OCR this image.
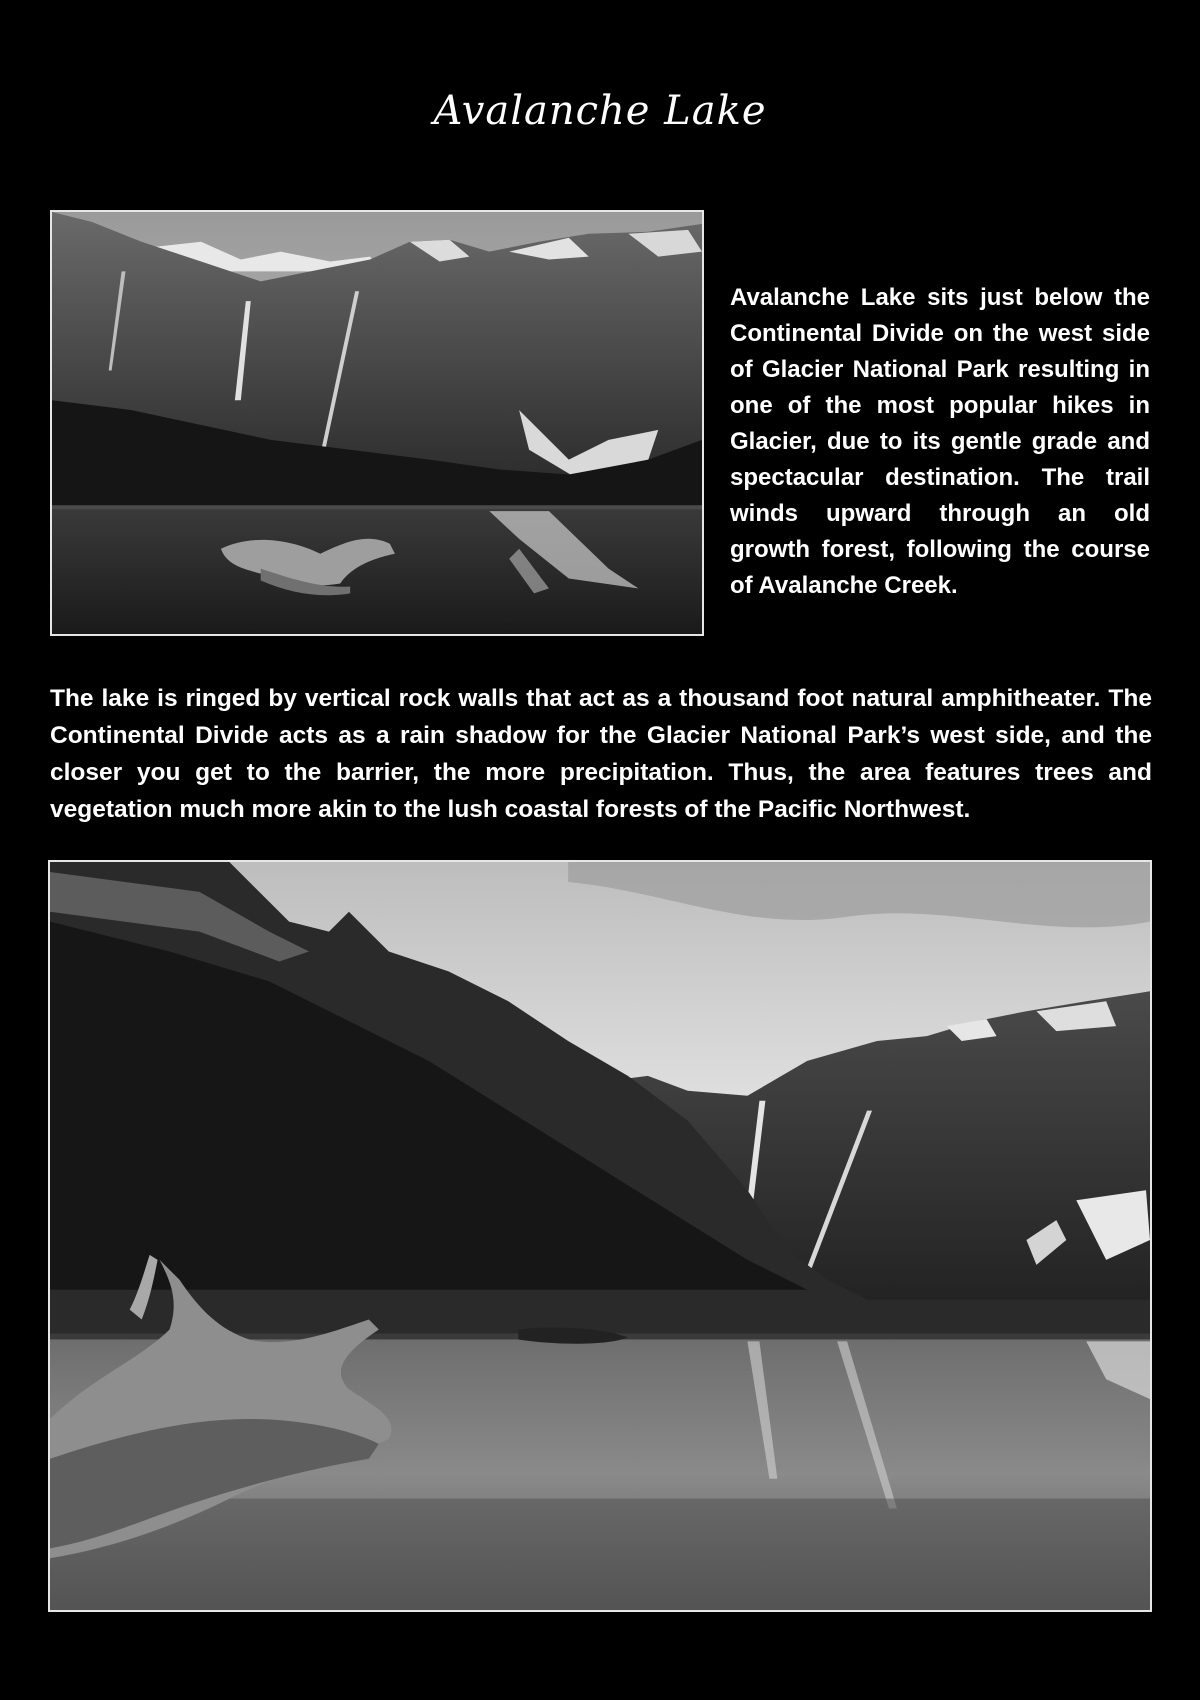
Avalanche Lake

Avalanche Lake sits just below the Continental Divide on the west side of Glacier National Park resulting in one of the most popular hikes in Glacier, due to its gentle grade and spectacular destination. The trail winds upward through an old growth forest, following the course of Avalanche Creek.

The lake is ringed by vertical rock walls that act as a thousand foot natural amphitheater. The Continental Divide acts as a rain shadow for the Glacier National Park’s west side, and the closer you get to the barrier, the more precipitation. Thus, the area features trees and vegetation much more akin to the lush coastal forests of the Pacific Northwest.
